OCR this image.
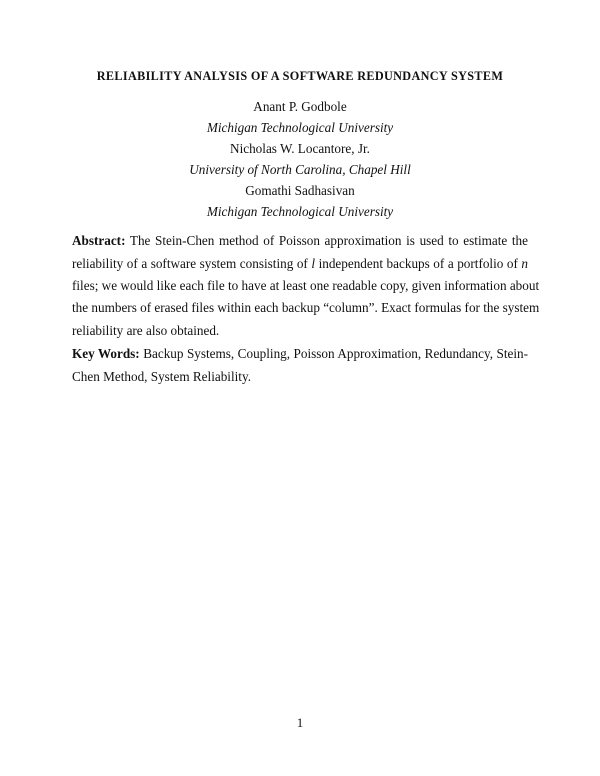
RELIABILITY ANALYSIS OF A SOFTWARE REDUNDANCY SYSTEM
Anant P. Godbole
Michigan Technological University
Nicholas W. Locantore, Jr.
University of North Carolina, Chapel Hill
Gomathi Sadhasivan
Michigan Technological University
Abstract: The Stein-Chen method of Poisson approximation is used to estimate the
reliability of a software system consisting of l independent backups of a portfolio of n
files; we would like each file to have at least one readable copy, given information about
the numbers of erased files within each backup “column”. Exact formulas for the system
reliability are also obtained.
Key Words: Backup Systems, Coupling, Poisson Approximation, Redundancy, Stein-
Chen Method, System Reliability.
1
